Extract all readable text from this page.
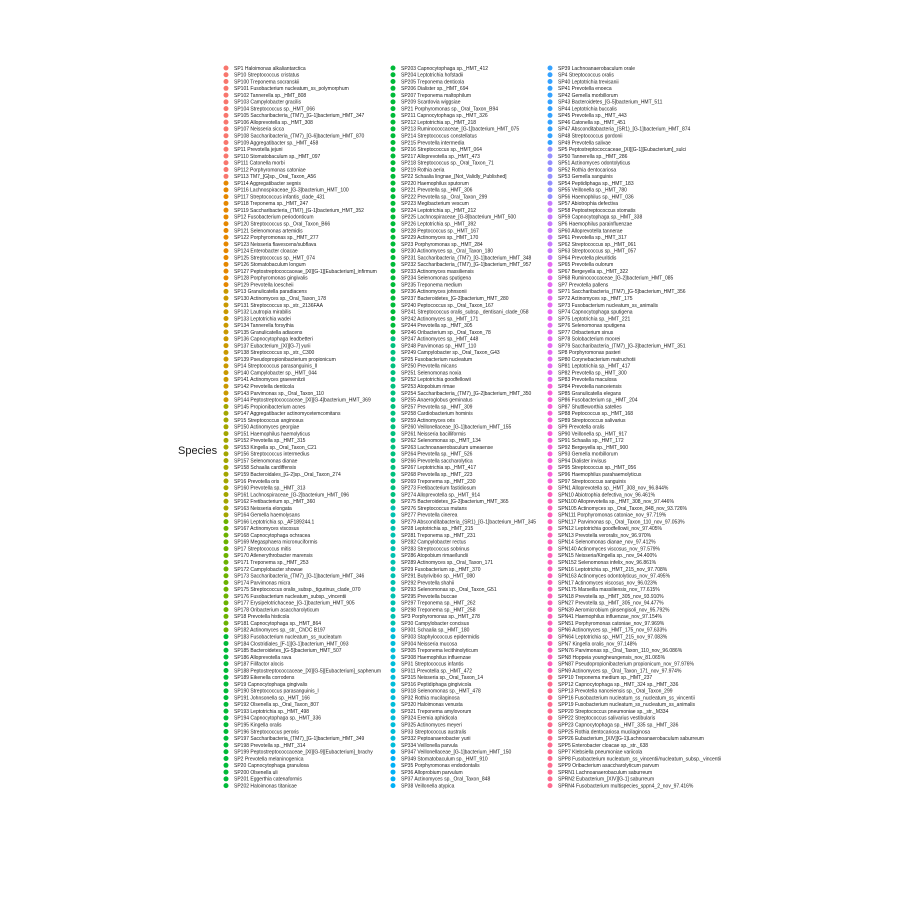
Species
SP1 Haloimonas alkaliantarctica
SP10 Streptococcus cristatus
SP100 Treponema socranskii
SP101 Fusobacterium nucleatum_ss_polymorphum
SP102 Tannerella sp._HMT_808
SP103 Campylobacter gracilis
SP104 Streptococcus sp._HMT_066
SP105 Saccharibacteria_(TM7)_[G-1]bacterium_HMT_347
SP106 Alloprevotella sp._HMT_308
SP107 Neisseria sicca
SP108 Saccharibacteria_(TM7)_[G-6]bacterium_HMT_870
SP109 Aggregatibacter sp._HMT_458
SP11 Prevotella jejuni
SP110 Stomatobaculum sp._HMT_097
SP111 Catonella morbi
SP112 Porphyromonas catoniae
SP113 TM7_[G]sp._Oral_Taxon_A56
SP114 Aggregatibacter segnis
SP116 Lachnospiraceae_[G-3]bacterium_HMT_100
SP117 Streptococcus infantis_clade_431
SP118 Treponema sp._HMT_247
SP119 Saccharibacteria_(TM7)_[G-1]bacterium_HMT_352
SP12 Fusobacterium periodonticum
SP120 Streptococcus sp._Oral_Taxon_B66
SP121 Selenomonas artemidis
SP122 Porphyromonas sp._HMT_277
SP123 Neisseria flavescens/subflava
SP124 Enterobacter cloacae
SP125 Streptococcus sp._HMT_074
SP126 Stomatobaculum longum
SP127 Peptostreptococcaceae_[XI][G-1][Eubacterium]_infirmum
SP128 Porphyromonas gingivalis
SP129 Prevotella loescheii
SP13 Granulicatella paradiacens
SP130 Actinomyces sp._Oral_Taxon_178
SP131 Streptococcus sp._str._2136FAA
SP132 Lautropia mirabilis
SP133 Leptotrichia wadei
SP134 Tannerella forsythia
SP135 Granulicatella adiacens
SP136 Capnocytophaga leadbetteri
SP137 Eubacterium_[XI][G-7] yurii
SP138 Streptococcus sp._str._C300
SP139 Pseudopropionibacterium propionicum
SP14 Streptococcus parasanguinis_II
SP140 Campylobacter sp._HMT_044
SP141 Actinomyces graevenitzii
SP142 Prevotella denticola
SP143 Parvimonas sp._Oral_Taxon_110
SP144 Peptostreptococcaceae_[XI][G-4]bacterium_HMT_369
SP145 Propionibacterium acnes
SP147 Aggregatibacter actinomycetemcomitans
SP15 Streptococcus anginosus
SP150 Actinomyces georgiae
SP151 Haemophilus haemolyticus
SP152 Prevotella sp._HMT_315
SP153 Kingella sp._Oral_Taxon_C21
SP156 Streptococcus intermedius
SP157 Selenomonas dianae
SP158 Schaalia cardiffensis
SP159 Bacteroidales_[G-2]sp._Oral_Taxon_274
SP16 Prevotella oris
SP160 Prevotella sp._HMT_313
SP161 Lachnospiraceae_[G-2]bacterium_HMT_096
SP162 Fretibacterium sp._HMT_360
SP163 Neisseria elongata
SP164 Gemella haemolysans
SP166 Leptotrichia sp._AF189244.1
SP167 Actinomyces viscosus
SP168 Capnocytophaga ochracea
SP169 Megasphaera micronuciformis
SP17 Streptococcus mitis
SP170 Atlenerythrobacter marensis
SP171 Treponema sp._HMT_253
SP172 Campylobacter showae
SP173 Saccharibacteria_(TM7)_[G-1]bacterium_HMT_346
SP174 Parvimonas micra
SP175 Streptococcus oralis_subsp._tigurinus_clade_070
SP176 Fusobacterium nucleatum_subsp._vincentii
SP177 Erysipelotrichaceae_[G-1]bacterium_HMT_905
SP178 Oribacterium asaccharolyticum
SP18 Prevotella histicola
SP181 Capnocytophaga sp._HMT_864
SP182 Actinomyces sp._str._ChDC B197
SP183 Fusobacterium nucleatum_ss_nucleatum
SP184 Clostridiales_[F-1][G-1]bacterium_HMT_093
SP185 Bacteroidetes_[G-5]bacterium_HMT_507
SP186 Alloprevotella rava
SP187 Filifactor alocis
SP188 Peptostreptococcaceae_[XI][G-5][Eubacterium]_saphenum
SP189 Eikenella corrodens
SP19 Capnocytophaga gingivalis
SP190 Streptococcus parasanguinis_I
SP191 Johnsonella sp._HMT_166
SP192 Olsenella sp._Oral_Taxon_807
SP193 Leptotrichia sp._HMT_498
SP194 Capnocytophaga sp._HMT_336
SP195 Kingella oralis
SP196 Streptococcus peroris
SP197 Saccharibacteria_(TM7)_[G-1]bacterium_HMT_349
SP198 Prevotella sp._HMT_314
SP199 Peptostreptococcaceae_[XI][G-9][Eubacterium]_brachy
SP2 Prevotella melaninogenica
SP20 Capnocytophaga granulosa
SP200 Olsenella uli
SP201 Eggerthia catenaformis
SP202 Haloimonas titanicae
SP203 Capnocytophaga sp._HMT_412
SP204 Leptotrichia hofstadii
SP205 Treponema denticola
SP206 Dialister sp._HMT_694
SP207 Treponema maltophilum
SP209 Scardovia wiggsiae
SP21 Porphyromonas sp._Oral_Taxon_B94
SP211 Capnocytophaga sp._HMT_326
SP212 Leptotrichia sp._HMT_218
SP213 Ruminococcaceae_[G-1]bacterium_HMT_075
SP214 Streptococcus constellatus
SP215 Prevotella intermedia
SP216 Streptococcus sp._HMT_064
SP217 Alloprevotella sp._HMT_473
SP218 Streptococcus sp._Oral_Taxon_71
SP219 Rothia aeria
SP22 Schaalia lingnae_[Not_Validly_Published]
SP220 Haemophilus sputorum
SP221 Prevotella sp._HMT_306
SP222 Prevotella sp._Oral_Taxon_299
SP223 Megibacterium vescum
SP224 Leptotrichia sp._HMT_212
SP225 Lachnospiraceae_[G-8]bacterium_HMT_500
SP226 Leptotrichia sp._HMT_392
SP228 Peptococcus sp._HMT_167
SP229 Actinomyces sp._HMT_170
SP23 Porphyromonas sp._HMT_284
SP230 Actinomyces sp._Oral_Taxon_180
SP231 Saccharibacteria_(TM7)_[G-1]bacterium_HMT_348
SP232 Saccharibacteria_(TM7)_[G-1]bacterium_HMT_957
SP233 Actinomyces massiliensis
SP234 Selenomonas sputigena
SP235 Treponema medium
SP236 Actinomyces johnsonii
SP237 Bacteroidetes_[G-3]bacterium_HMT_280
SP240 Peptococcus sp._Oral_Taxon_167
SP241 Streptococcus oralis_subsp._dentisani_clade_058
SP242 Actinomyces sp._HMT_171
SP244 Prevotella sp._HMT_305
SP246 Oribacterium sp._Oral_Taxon_78
SP247 Actinomyces sp._HMT_448
SP248 Parvimonas sp._HMT_110
SP249 Campylobacter sp._Oral_Taxon_G43
SP25 Fusobacterium nucleatum
SP250 Prevotella micans
SP251 Selenomonas noxia
SP252 Leptotrichia goodfellowii
SP253 Atopobium rimae
SP254 Saccharibacteria_(TM7)_[G-2]bacterium_HMT_350
SP255 Anaeroglobus geminatus
SP257 Prevotella sp._HMT_309
SP258 Cardiobacterium hominis
SP259 Actinomyces oris
SP260 Veillonellaceae_[G-1]bacterium_HMT_155
SP261 Neisseria bacilliformis
SP262 Selenomonas sp._HMT_134
SP263 Lachnoanaerobaculum umeaense
SP264 Prevotella sp._HMT_526
SP266 Prevotella saccharolytica
SP267 Leptotrichia sp._HMT_417
SP268 Prevotella sp._HMT_223
SP269 Treponema sp._HMT_230
SP273 Fretibacterium fastidiosum
SP274 Alloprevotella sp._HMT_914
SP275 Bacteroidetes_[G-3]bacterium_HMT_365
SP276 Streptococcus mutans
SP277 Prevotella cinerea
SP279 Absconditabacteria_(SR1)_[G-1]bacterium_HMT_345
SP28 Leptotrichia sp._HMT_215
SP281 Treponema sp._HMT_231
SP282 Campylobacter rectus
SP283 Streptococcus sobrinus
SP286 Atopobium rimae/lundii
SP289 Actinomyces sp._Oral_Taxon_171
SP29 Fusobacterium sp._HMT_370
SP291 Butyrivibrio sp._HMT_080
SP292 Prevotella shahii
SP293 Selenomonas sp._Oral_Taxon_G51
SP295 Prevotella buccae
SP297 Treponema sp._HMT_262
SP298 Treponema sp._HMT_258
SP3 Porphyromonas sp._HMT_278
SP30 Campylobacter concisus
SP301 Schaalia sp._HMT_180
SP303 Staphylococcus epidermidis
SP304 Neisseria mucosa
SP305 Treponema lecithinolyticum
SP308 Haemophilus influenzae
SP31 Streptococcus infantis
SP311 Prevotella sp._HMT_472
SP315 Neisseria sp._Oral_Taxon_14
SP316 Peptidiphaga gingivicola
SP318 Selenomonas sp._HMT_478
SP32 Rothia mucilaginosa
SP320 Haloimonas venusta
SP321 Treponema amylovorum
SP324 Eremia aphidicola
SP325 Actinomyces meyeri
SP33 Streptococcus australis
SP332 Peptoanaerobacter yurii
SP334 Veillonella parvula
SP347 Veillonellaceae_[G-1]bacterium_HMT_150
SP349 Stomatobaculum sp._HMT_910
SP35 Porphyromonas endodontalis
SP36 Alloprobium parvulum
SP37 Actinomyces sp._Oral_Taxon_848
SP38 Veillonella atypica
SP39 Lachnoanaerobaculum orale
SP4 Streptococcus oralis
SP40 Leptotrichia trevisanii
SP41 Prevotella enoeca
SP42 Gemella morbillorum
SP43 Bacteroidetes_[G-5]bacterium_HMT_511
SP44 Leptotrichia buccalis
SP45 Prevotella sp._HMT_443
SP46 Catonella sp._HMT_451
SP47 Absconditabacteria_(SR1)_[G-1]bacterium_HMT_874
SP48 Streptococcus gordonii
SP49 Prevotella salivae
SP5 Peptostreptococcaceae_[XI][G-1][Eubacterium]_sulci
SP50 Tannerella sp._HMT_286
SP51 Actinomyces odontolyticus
SP52 Rothia dentocariosa
SP53 Gemella sanguinis
SP54 Peptidiphaga sp._HMT_183
SP55 Veillonella sp._HMT_780
SP56 Haemophilus sp._HMT_036
SP57 Abiotrophia defectiva
SP58 Peptostreptococcus stomatis
SP59 Capnocytophaga sp._HMT_338
SP6 Haemophilus parainfluenzae
SP60 Alloprevotella tannerae
SP61 Prevotella sp._HMT_317
SP62 Streptococcus sp._HMT_061
SP63 Streptococcus sp._HMT_057
SP64 Prevotella pleuritidis
SP65 Prevotella oulorum
SP67 Bergeyella sp._HMT_322
SP68 Ruminococcaceae_[G-2]bacterium_HMT_085
SP7 Prevotella pallens
SP71 Saccharibacteria_(TM7)_[G-5]bacterium_HMT_356
SP72 Actinomyces sp._HMT_175
SP73 Fusobacterium nucleatum_ss_animalis
SP74 Capnocytophaga sputigena
SP75 Leptotrichia sp._HMT_221
SP76 Selenomonas sputigena
SP77 Oribacterium sinus
SP78 Solobacterium moorei
SP79 Saccharibacteria_(TM7)_[G-3]bacterium_HMT_351
SP8 Porphyromonas pasteri
SP80 Corynebacterium matruchotii
SP81 Leptotrichia sp._HMT_417
SP82 Prevotella sp._HMT_300
SP83 Prevotella maculosa
SP84 Prevotella nanceiensis
SP85 Granulicatella elegans
SP86 Fusobacterium sp._HMT_204
SP87 Shuttleworthia satelles
SP88 Peptococcus sp._HMT_168
SP89 Streptococcus salivarius
SP9 Prevotella oralis
SP90 Veillonella sp._HMT_917
SP91 Schaalia sp._HMT_172
SP92 Bergeyella sp._HMT_900
SP93 Gemella morbillorum
SP94 Dialister invisus
SP95 Streptococcus sp._HMT_056
SP96 Haemophilus parahaemolyticus
SP97 Streptococcus sanguinis
SPN1 Alloprevotella sp._HMT_308_nov_96.844%
SPN10 Abiotrophia defectiva_nov_96.461%
SPN100 Alloprevotella sp._HMT_308_nov_97.446%
SPN105 Actinomyces sp._Oral_Taxon_848_nov_93.726%
SPN111 Porphyromonas catoniae_nov_97.719%
SPN117 Parvimonas sp._Oral_Taxon_110_nov_97.053%
SPN12 Leptotrichia goodfellowii_nov_97.405%
SPN13 Prevotella veroralis_nov_96.970%
SPN14 Selenomonas dianae_nov_97.412%
SPN140 Actinomyces viscosus_nov_97.579%
SPN15 Neisseria/Kingella sp._nov_94.400%
SPN152 Selenomonas infelix_nov_96.861%
SPN16 Leptotrichia sp._HMT_215_nov_97.708%
SPN163 Actinomyces odontolyticus_nov_97.495%
SPN17 Actinomyces viscosus_nov_96.023%
SPN175 Marseilla massiliensis_nov_77.615%
SPN18 Prevotella sp._HMT_305_nov_93.910%
SPN27 Prevotella sp._HMT_305_nov_94.477%
SPN39 Aeromicrobium ginsengisoli_nov_95.792%
SPN41 Haemophilus influenzae_nov_97.154%
SPN51 Porphyromonas catoniae_nov_97.969%
SPN6 Actinomyces sp._HMT_175_nov_97.633%
SPN64 Leptotrichia sp._HMT_215_nov_97.083%
SPN7 Kingella oralis_nov_97.148%
SPN76 Parvimonas sp._Oral_Taxon_110_nov_96.086%
SPN8 Hoppeia youngheungensis_nov_81.065%
SPN87 Pseudopropionibacterium propionicum_nov_97.976%
SPN9 Actinomyces sp._Oral_Taxon_171_nov_97.974%
SPP10 Treponema medium sp._HMT_237
SPP12 Capnocytophaga sp._HMT_324 sp._HMT_336
SPP13 Prevotella nanceiensis sp._Oral_Taxon_299
SPP16 Fusobacterium nucleatum_ss_nucleatum_ss_vincentii
SPP19 Fusobacterium nucleatum_ss_nucleatum_ss_animalis
SPP20 Streptococcus pneumoniae sp._str._M334
SPP22 Streptococcus salivarius vestibularis
SPP23 Capnocytophaga sp._HMT_335 sp._HMT_336
SPP25 Rothia dentocariosa mucilaginosa
SPP26 Eubacterium_[XIV][G-1]Lachnoanaerobaculum saburreum
SPP5 Enterobacter cloacae sp._str._638
SPP7 Klebsiella pneumoniae variicola
SPP8 Fusobacterium nucleatum_ss_vincentii/nucleatum_subsp._vincentii
SPP9 Oribacterium asaccharolyticum parvum
SPRN1 Lachnoanaerobaculum saburreum
SPRN2 Eubacterium_[XIV][G-1] saburreum
SPRN4 Fusobacterium multispecies_sppn4_2_nov_97.416%
